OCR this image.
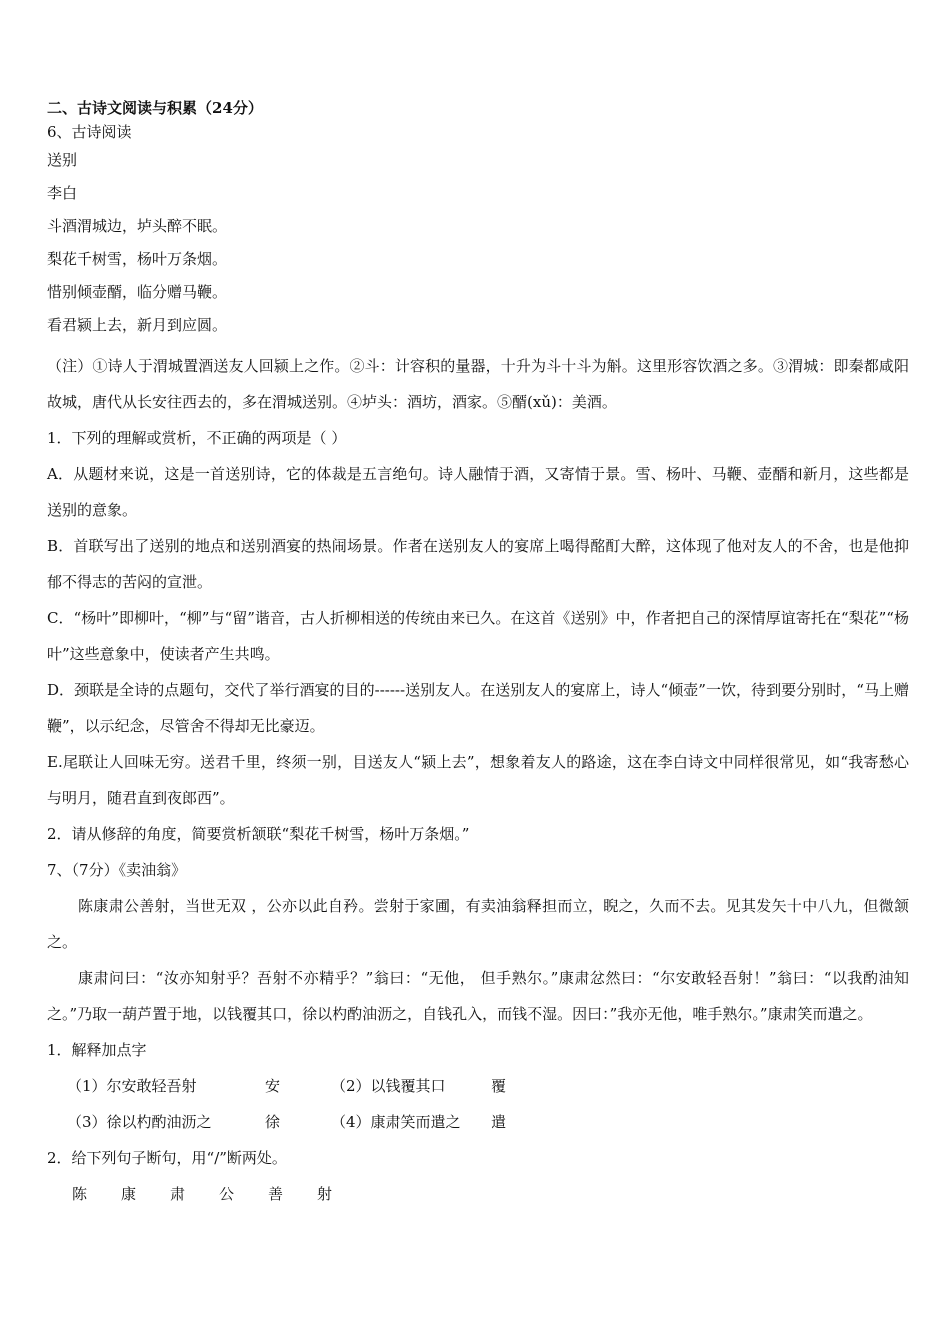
二、古诗文阅读与积累（24分）
6、古诗阅读
送别
李白
斗酒渭城边，垆头醉不眠。
梨花千树雪，杨叶万条烟。
惜别倾壶醑，临分赠马鞭。
看君颍上去，新月到应圆。

（注）①诗人于渭城置酒送友人回颍上之作。②斗：计容积的量器，十升为斗十斗为斛。这里形容饮酒之多。③渭城：即秦都咸阳故城，唐代从长安往西去的，多在渭城送别。④垆头：酒坊，酒家。⑤醑(xǔ)：美酒。

1．下列的理解或赏析，不正确的两项是（ ）

A．从题材来说，这是一首送别诗，它的体裁是五言绝句。诗人融情于酒，又寄情于景。雪、杨叶、马鞭、壶醑和新月，这些都是送别的意象。

B．首联写出了送别的地点和送别酒宴的热闹场景。作者在送别友人的宴席上喝得酩酊大醉，这体现了他对友人的不舍，也是他抑郁不得志的苦闷的宣泄。

C．“杨叶”即柳叶，“柳”与“留”谐音，古人折柳相送的传统由来已久。在这首《送别》中，作者把自己的深情厚谊寄托在“梨花”“杨叶”这些意象中，使读者产生共鸣。

D．颈联是全诗的点题句，交代了举行酒宴的目的------送别友人。在送别友人的宴席上，诗人“倾壶”一饮，待到要分别时，“马上赠鞭”，以示纪念，尽管舍不得却无比豪迈。

E.尾联让人回味无穷。送君千里，终须一别，目送友人“颍上去”，想象着友人的路途，这在李白诗文中同样很常见，如“我寄愁心与明月，随君直到夜郎西”。

2．请从修辞的角度，简要赏析颔联“梨花千树雪，杨叶万条烟。”
7、（7分）《卖油翁》

陈康肃公善射，当世无双 ，公亦以此自矜。尝射于家圃，有卖油翁释担而立，睨之，久而不去。见其发矢十中八九，但微颔之。

康肃问曰：“汝亦知射乎？吾射不亦精乎？”翁曰：“无他， 但手熟尔。”康肃忿然曰：“尔安敢轻吾射！”翁曰：“以我酌油知之。”乃取一葫芦置于地，以钱覆其口，徐以杓酌油沥之，自钱孔入，而钱不湿。因曰：”我亦无他，唯手熟尔。”康肃笑而遣之。

1．解释加点字
（1）尔安敢轻吾射	安	（2）以钱覆其口	覆
（3）徐以杓酌油沥之	徐	（4）康肃笑而遣之	遣
2．给下列句子断句，用“/”断两处。
陈	康	肃	公	善	射
